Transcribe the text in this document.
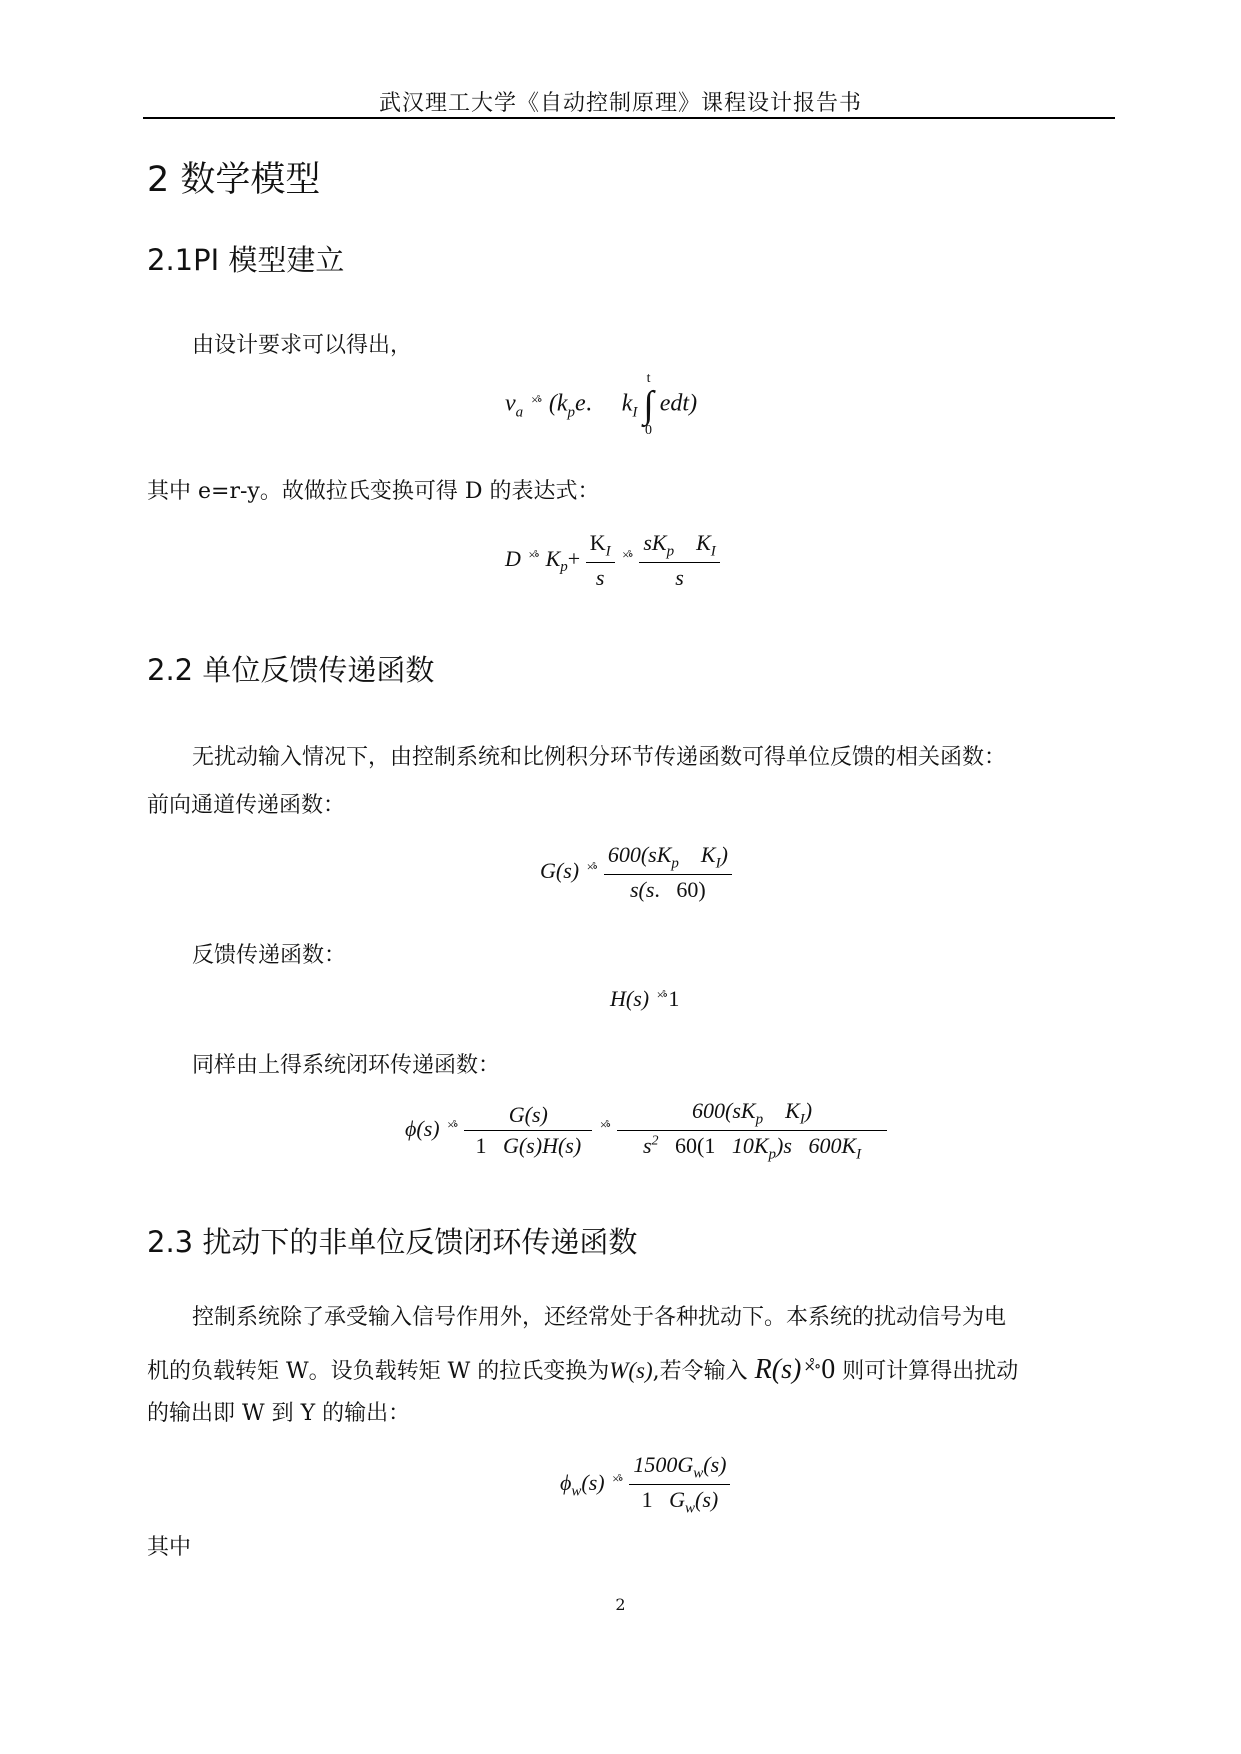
武汉理工大学《自动控制原理》课程设计报告书
2 数学模型
2.1PI 模型建立
由设计要求可以得出，
$v_a$ ×̊∘ ($k_pe$. $k_I$
t
∫
0
edt)
其中 e=r-y。故做拉氏变换可得 D 的表达式：
D ×̊∘ $K_p+ \frac{K_I}{s} ^{\times̊\circ} \frac{sK_p K_I}{s}$
2.2 单位反馈传递函数
无扰动输入情况下，由控制系统和比例积分环节传递函数可得单位反馈的相关函数：
前向通道传递函数：
G(s) $^{\times̊\circ} \frac{600(sK_p K_I)}{s(s. 60)}$
反馈传递函数：
H(s) ×̊∘1
同样由上得系统闭环传递函数：
ϕ(s) $^{\times̊\circ} \frac{G(s)}{1 G(s)H(s)} ^{\times̊\circ} \frac{600(sK_p K_I)}{s^2 60(1 10K_p)s 600K_I}$
2.3 扰动下的非单位反馈闭环传递函数
控制系统除了承受输入信号作用外，还经常处于各种扰动下。本系统的扰动信号为电
机的负载转矩 W。设负载转矩 W 的拉氏变换为W(s),若令输入 R(s) ×̊∘0 则可计算得出扰动
的输出即 W 到 Y 的输出：
$\phi_w(s)$ $^{\times̊\circ} \frac{1500G_w(s)}{1 G_w(s)}$
其中
2
